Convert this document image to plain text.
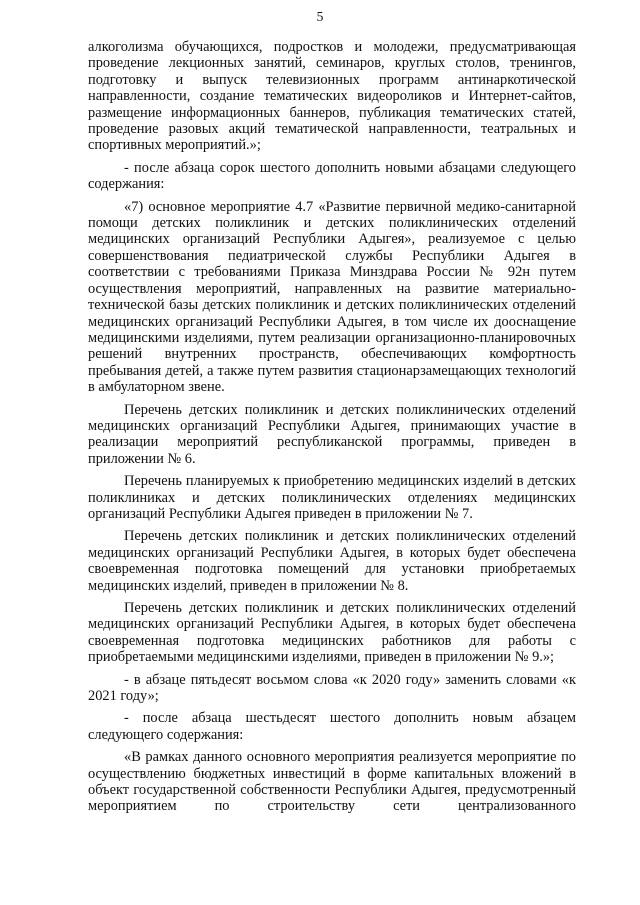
5

алкоголизма обучающихся, подростков и молодежи, предусматривающая проведение лекционных занятий, семинаров, круглых столов, тренингов, подготовку и выпуск телевизионных программ антинаркотической направленности, создание тематических видеороликов и Интернет-сайтов, размещение информационных баннеров, публикация тематических статей, проведение разовых акций тематической направленности, театральных и спортивных мероприятий.»;

- после абзаца сорок шестого дополнить новыми абзацами следующего содержания:

«7) основное мероприятие 4.7 «Развитие первичной медико-санитарной помощи детских поликлиник и детских поликлинических отделений медицинских организаций Республики Адыгея», реализуемое с целью совершенствования педиатрической службы Республики Адыгея в соответствии с требованиями Приказа Минздрава России № 92н путем осуществления мероприятий, направленных на развитие материально-технической базы детских поликлиник и детских поликлинических отделений медицинских организаций Республики Адыгея, в том числе их дооснащение медицинскими изделиями, путем реализации организационно-планировочных решений внутренних пространств, обеспечивающих комфортность пребывания детей, а также путем развития стационарзамещающих технологий в амбулаторном звене.

Перечень детских поликлиник и детских поликлинических отделений медицинских организаций Республики Адыгея, принимающих участие в реализации мероприятий республиканской программы, приведен в приложении № 6.

Перечень планируемых к приобретению медицинских изделий в детских поликлиниках и детских поликлинических отделениях медицинских организаций Республики Адыгея приведен в приложении № 7.

Перечень детских поликлиник и детских поликлинических отделений медицинских организаций Республики Адыгея, в которых будет обеспечена своевременная подготовка помещений для установки приобретаемых медицинских изделий, приведен в приложении № 8.

Перечень детских поликлиник и детских поликлинических отделений медицинских организаций Республики Адыгея, в которых будет обеспечена своевременная подготовка медицинских работников для работы с приобретаемыми медицинскими изделиями, приведен в приложении № 9.»;

- в абзаце пятьдесят восьмом слова «к 2020 году» заменить словами «к 2021 году»;

- после абзаца шестьдесят шестого дополнить новым абзацем следующего содержания:

«В рамках данного основного мероприятия реализуется мероприятие по осуществлению бюджетных инвестиций в форме капитальных вложений в объект государственной собственности Республики Адыгея, предусмотренный мероприятием по строительству сети централизованного
